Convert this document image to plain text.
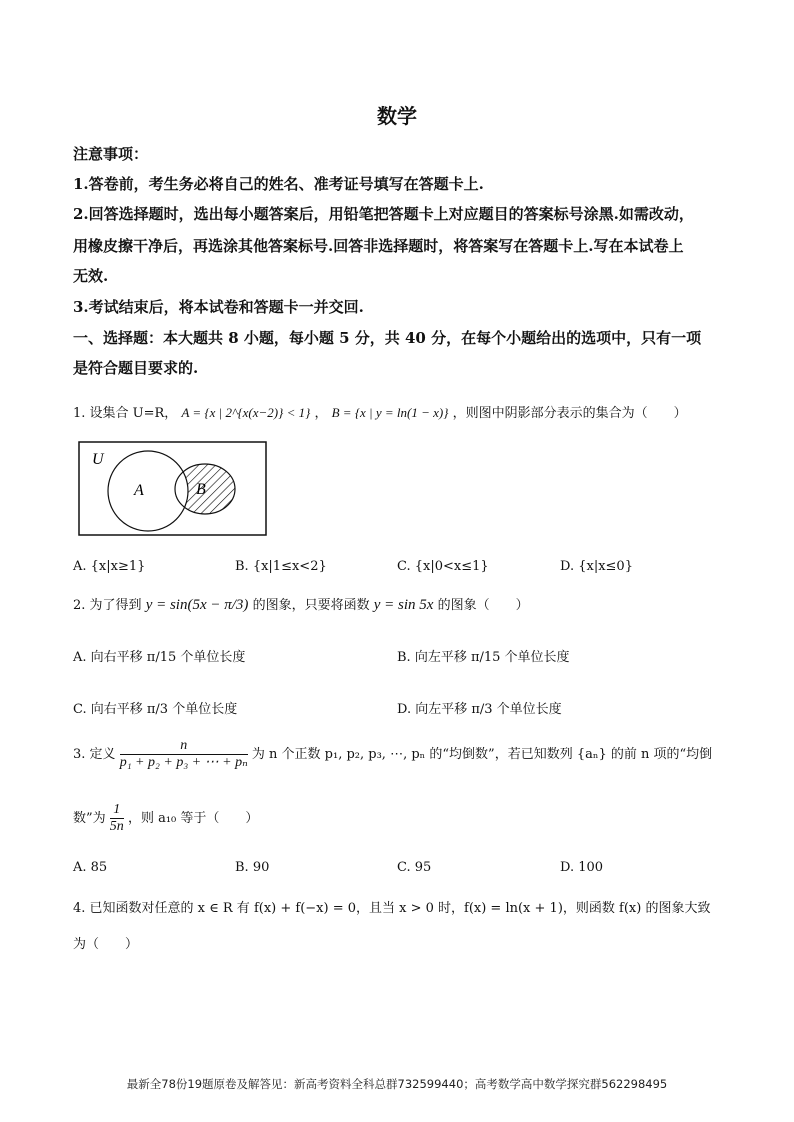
数学
注意事项：
1.答卷前，考生务必将自己的姓名、准考证号填写在答题卡上.
2.回答选择题时，选出每小题答案后，用铅笔把答题卡上对应题目的答案标号涂黑.如需改动，
用橡皮擦干净后，再选涂其他答案标号.回答非选择题时，将答案写在答题卡上.写在本试卷上
无效.
3.考试结束后，将本试卷和答题卡一并交回.
一、选择题：本大题共 8 小题，每小题 5 分，共 40 分，在每个小题给出的选项中，只有一项
是符合题目要求的.
1. 设集合 U=R， A = {x | 2^{x(x−2)} < 1} ， B = {x | y = ln(1 − x)} ，则图中阴影部分表示的集合为（　　）
U
A	B
A. {x|x≥1}	B. {x|1≤x<2}	C. {x|0<x≤1}	D. {x|x≤0}
2. 为了得到 y = sin(5x − π/3) 的图象，只要将函数 y = sin 5x 的图象（　　）
A. 向右平移 π/15 个单位长度	B. 向左平移 π/15 个单位长度
C. 向右平移 π/3 个单位长度	D. 向左平移 π/3 个单位长度
3. 定义 $\frac{n}{\text{p₁ + p₂ + p₃ + ⋯ + pₙ}}$ 为 n 个正数 p₁, p₂, p₃, ⋯, pₙ 的“均倒数”，若已知数列 {aₙ} 的前 n 项的“均倒
数”为 $\frac{1}{5n}$ ，则 a₁₀ 等于（　　）
A. 85	B. 90	C. 95	D. 100
4. 已知函数对任意的 x ∈ R 有 f(x) + f(−x) = 0，且当 x > 0 时，f(x) = ln(x + 1)，则函数 f(x) 的图象大致
为（　　）
最新全78份19题原卷及解答见：新高考资料全科总群732599440；高考数学高中数学探究群562298495
